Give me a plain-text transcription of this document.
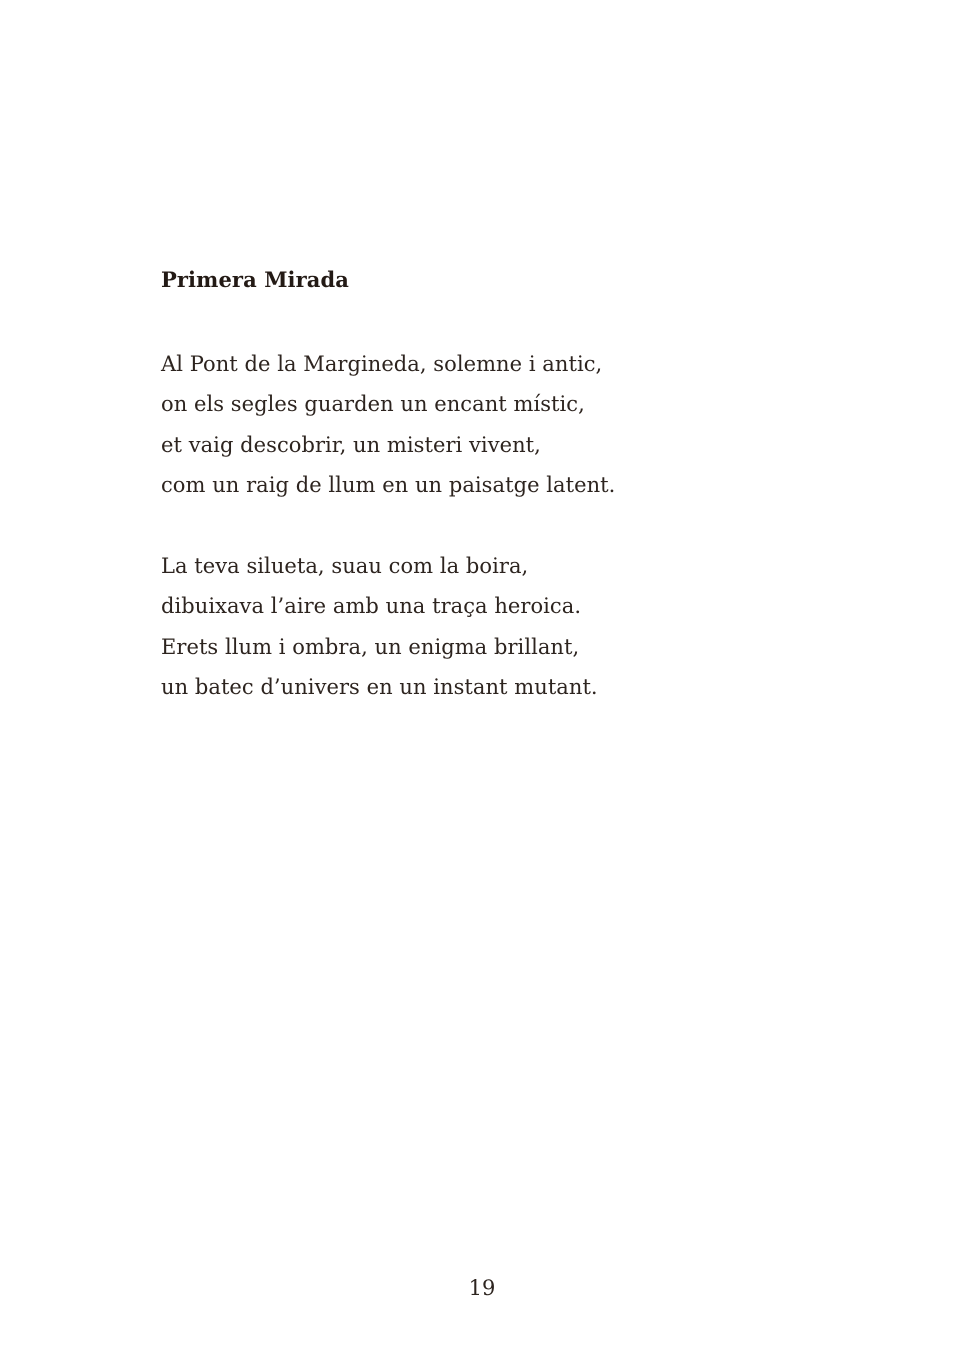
Primera Mirada
Al Pont de la Margineda, solemne i antic,
on els segles guarden un encant místic,
et vaig descobrir, un misteri vivent,
com un raig de llum en un paisatge latent.
La teva silueta, suau com la boira,
dibuixava l’aire amb una traça heroica.
Erets llum i ombra, un enigma brillant,
un batec d’univers en un instant mutant.

19
